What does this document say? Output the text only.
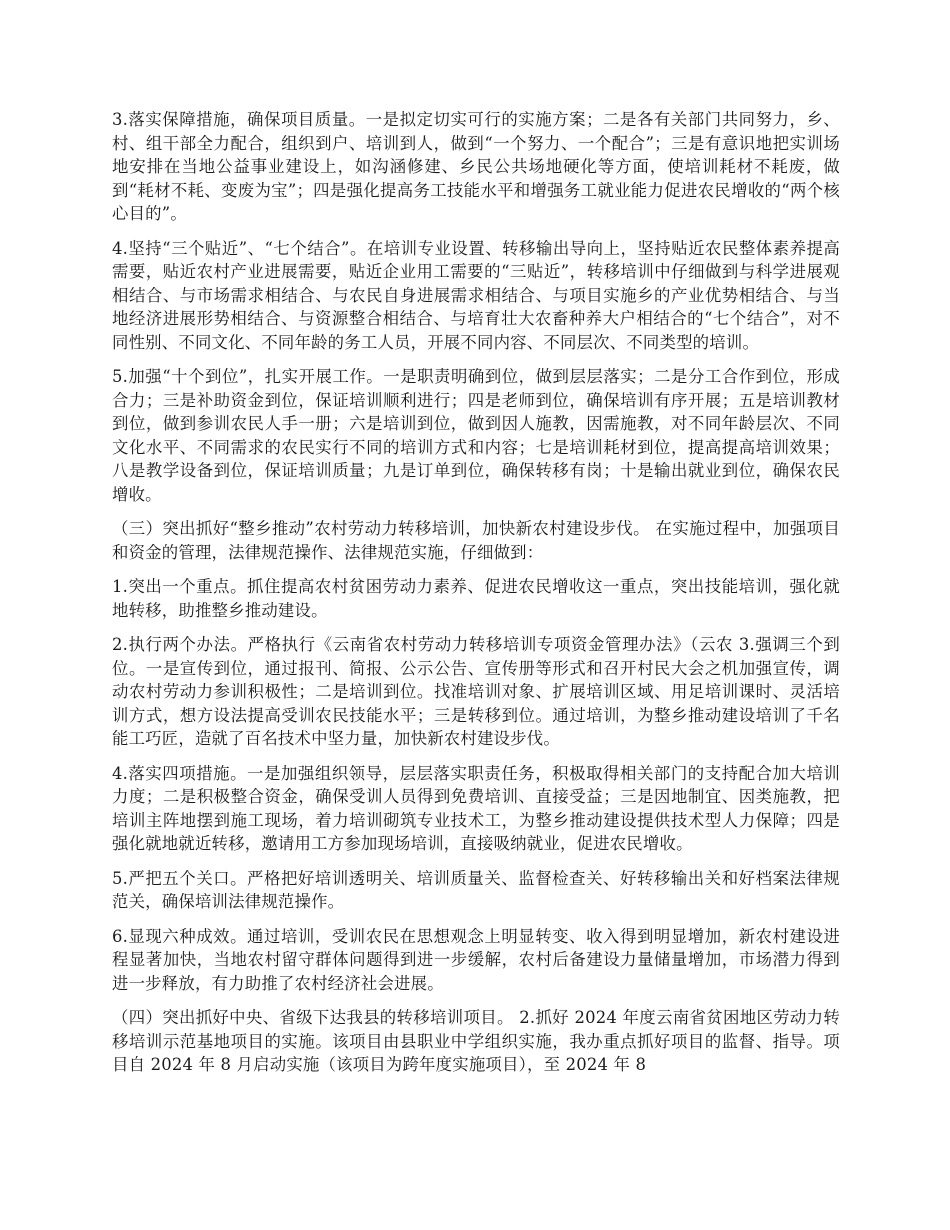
3.落实保障措施，确保项目质量。一是拟定切实可行的实施方案；二是各有关部门共同努力，乡、村、组干部全力配合，组织到户、培训到人，做到“一个努力、一个配合”；三是有意识地把实训场地安排在当地公益事业建设上，如沟涵修建、乡民公共场地硬化等方面，使培训耗材不耗废，做到“耗材不耗、变废为宝”；四是强化提高务工技能水平和增强务工就业能力促进农民增收的“两个核心目的”。

4.坚持“三个贴近”、“七个结合”。在培训专业设置、转移输出导向上，坚持贴近农民整体素养提高需要，贴近农村产业进展需要，贴近企业用工需要的“三贴近”，转移培训中仔细做到与科学进展观相结合、与市场需求相结合、与农民自身进展需求相结合、与项目实施乡的产业优势相结合、与当地经济进展形势相结合、与资源整合相结合、与培育壮大农畜种养大户相结合的“七个结合”，对不同性别、不同文化、不同年龄的务工人员，开展不同内容、不同层次、不同类型的培训。

5.加强“十个到位”，扎实开展工作。一是职责明确到位，做到层层落实；二是分工合作到位，形成合力；三是补助资金到位，保证培训顺利进行；四是老师到位，确保培训有序开展；五是培训教材到位，做到参训农民人手一册；六是培训到位，做到因人施教，因需施教，对不同年龄层次、不同文化水平、不同需求的农民实行不同的培训方式和内容；七是培训耗材到位，提高提高培训效果；八是教学设备到位，保证培训质量；九是订单到位，确保转移有岗；十是输出就业到位，确保农民增收。

（三）突出抓好“整乡推动”农村劳动力转移培训，加快新农村建设步伐。 在实施过程中，加强项目和资金的管理，法律规范操作、法律规范实施，仔细做到：

1.突出一个重点。抓住提高农村贫困劳动力素养、促进农民增收这一重点，突出技能培训，强化就地转移，助推整乡推动建设。

2.执行两个办法。严格执行《云南省农村劳动力转移培训专项资金管理办法》（云农 3.强调三个到位。一是宣传到位，通过报刊、简报、公示公告、宣传册等形式和召开村民大会之机加强宣传，调动农村劳动力参训积极性；二是培训到位。找准培训对象、扩展培训区域、用足培训课时、灵活培训方式，想方设法提高受训农民技能水平；三是转移到位。通过培训，为整乡推动建设培训了千名能工巧匠，造就了百名技术中坚力量，加快新农村建设步伐。

4.落实四项措施。一是加强组织领导，层层落实职责任务，积极取得相关部门的支持配合加大培训力度；二是积极整合资金，确保受训人员得到免费培训、直接受益；三是因地制宜、因类施教，把培训主阵地摆到施工现场，着力培训砌筑专业技术工，为整乡推动建设提供技术型人力保障；四是强化就地就近转移，邀请用工方参加现场培训，直接吸纳就业，促进农民增收。

5.严把五个关口。严格把好培训透明关、培训质量关、监督检查关、好转移输出关和好档案法律规范关，确保培训法律规范操作。

6.显现六种成效。通过培训，受训农民在思想观念上明显转变、收入得到明显增加，新农村建设进程显著加快，当地农村留守群体问题得到进一步缓解，农村后备建设力量储量增加，市场潜力得到进一步释放，有力助推了农村经济社会进展。

（四）突出抓好中央、省级下达我县的转移培训项目。 2.抓好 2024 年度云南省贫困地区劳动力转移培训示范基地项目的实施。该项目由县职业中学组织实施，我办重点抓好项目的监督、指导。项目自 2024 年 8 月启动实施（该项目为跨年度实施项目），至 2024 年 8
